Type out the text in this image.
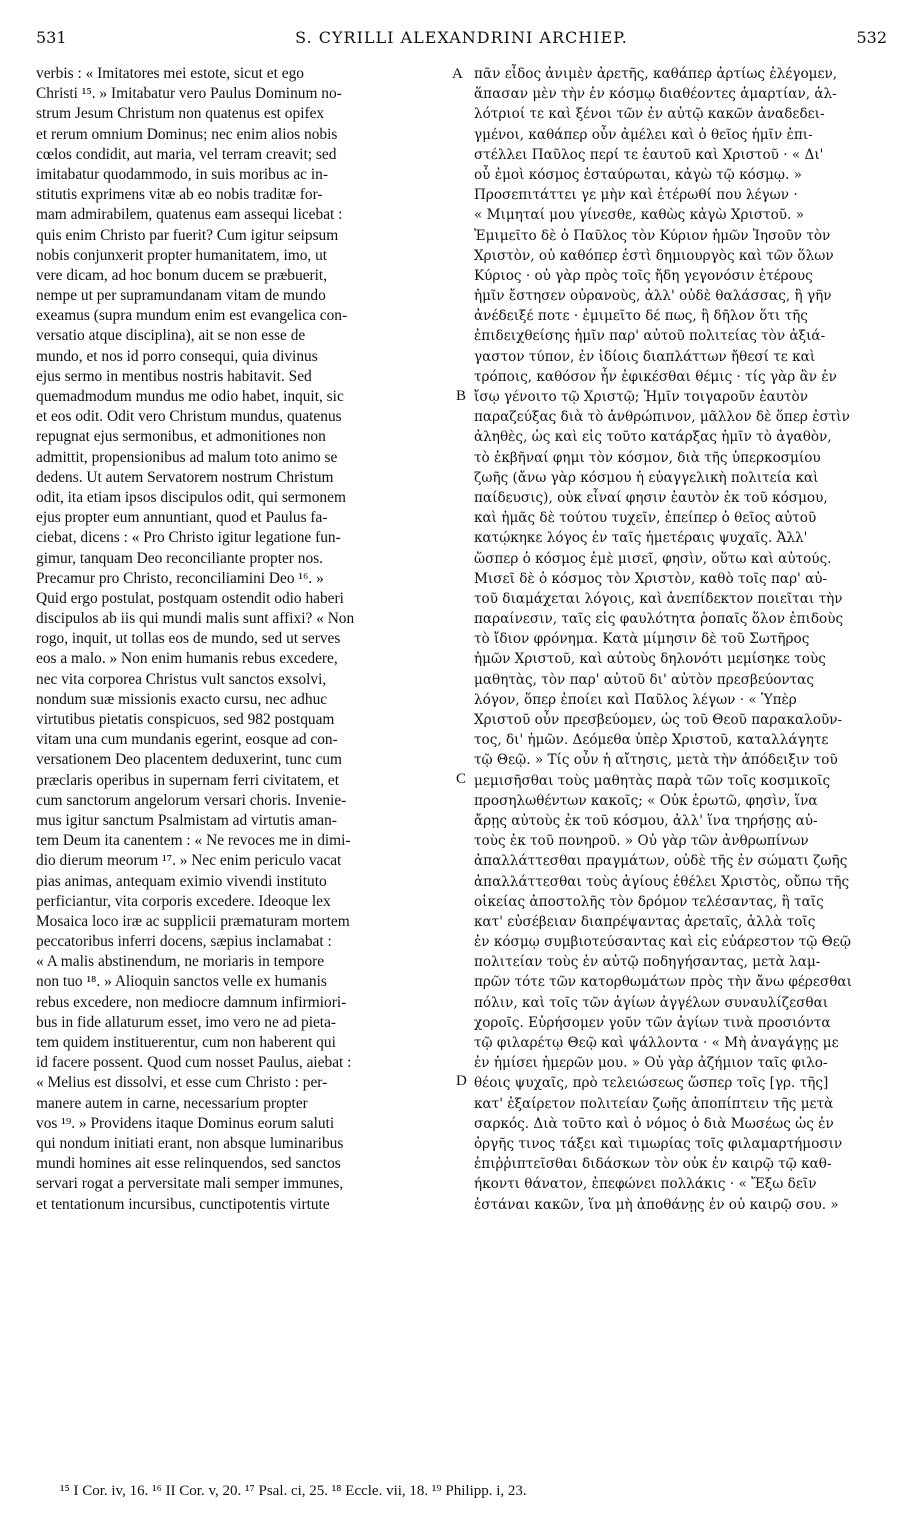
S. CYRILLI ALEXANDRINI ARCHIEP.
531	532
verbis : « Imitatores mei estote, sicut et ego
Christi ¹⁵. » Imitabatur vero Paulus Dominum no-
strum Jesum Christum non quatenus est opifex
et rerum omnium Dominus; nec enim alios nobis
cœlos condidit, aut maria, vel terram creavit; sed
imitabatur quodammodo, in suis moribus ac in-
stitutis exprimens vitæ ab eo nobis traditæ for-
mam admirabilem, quatenus eam assequi licebat :
quis enim Christo par fuerit? Cum igitur seipsum
nobis conjunxerit propter humanitatem, imo, ut
vere dicam, ad hoc bonum ducem se præbuerit,
nempe ut per supramundanam vitam de mundo
exeamus (supra mundum enim est evangelica con-
versatio atque disciplina), ait se non esse de
mundo, et nos id porro consequi, quia divinus
ejus sermo in mentibus nostris habitavit. Sed
quemadmodum mundus me odio habet, inquit, sic
et eos odit. Odit vero Christum mundus, quatenus
repugnat ejus sermonibus, et admonitiones non
admittit, propensionibus ad malum toto animo se
dedens. Ut autem Servatorem nostrum Christum
odit, ita etiam ipsos discipulos odit, qui sermonem
ejus propter eum annuntiant, quod et Paulus fa-
ciebat, dicens : « Pro Christo igitur legatione fun-
gimur, tanquam Deo reconciliante propter nos.
Precamur pro Christo, reconciliamini Deo ¹⁶. »
Quid ergo postulat, postquam ostendit odio haberi
discipulos ab iis qui mundi malis sunt affixi? « Non
rogo, inquit, ut tollas eos de mundo, sed ut serves
eos a malo. » Non enim humanis rebus excedere,
nec vita corporea Christus vult sanctos exsolvi,
nondum suæ missionis exacto cursu, nec adhuc
virtutibus pietatis conspicuos, sed 982 postquam
vitam una cum mundanis egerint, eosque ad con-
versationem Deo placentem deduxerint, tunc cum
præclaris operibus in supernam ferri civitatem, et
cum sanctorum angelorum versari choris. Invenie-
mus igitur sanctum Psalmistam ad virtutis aman-
tem Deum ita canentem : « Ne revoces me in dimi-
dio dierum meorum ¹⁷. » Nec enim periculo vacat
pias animas, antequam eximio vivendi instituto
perficiantur, vita corporis excedere. Ideoque lex
Mosaica loco iræ ac supplicii præmaturam mortem
peccatoribus inferri docens, sæpius inclamabat :
« A malis abstinendum, ne moriaris in tempore
non tuo ¹⁸. » Alioquin sanctos velle ex humanis
rebus excedere, non mediocre damnum infirmiori-
bus in fide allaturum esset, imo vero ne ad pieta-
tem quidem instituerentur, cum non haberent qui
id facere possent. Quod cum nosset Paulus, aiebat :
« Melius est dissolvi, et esse cum Christo : per-
manere autem in carne, necessarium propter
vos ¹⁹. » Providens itaque Dominus eorum saluti
qui nondum initiati erant, non absque luminaribus
mundi homines ait esse relinquendos, sed sanctos
servari rogat a perversitate mali semper immunes,
et tentationum incursibus, cunctipotentis virtute
πᾶν εἶδος ἀνιμὲν ἀρετῆς, καθάπερ ἀρτίως ἐλέγομεν,
ἅπασαν μὲν τὴν ἐν κόσμῳ διαθέοντες ἁμαρτίαν, ἀλ-
λότριοί τε καὶ ξένοι τῶν ἐν αὐτῷ κακῶν ἀναδεδει-
γμένοι, καθάπερ οὖν ἀμέλει καὶ ὁ θεῖος ἡμῖν ἐπι-
στέλλει Παῦλος περί τε ἑαυτοῦ καὶ Χριστοῦ · « Δι'
οὗ ἐμοὶ κόσμος ἐσταύρωται, κἀγὼ τῷ κόσμῳ. »
Προσεπιτάττει γε μὴν καὶ ἑτέρωθί που λέγων ·
« Μιμηταί μου γίνεσθε, καθὼς κἀγὼ Χριστοῦ. »
Ἐμιμεῖτο δὲ ὁ Παῦλος τὸν Κύριον ἡμῶν Ἰησοῦν τὸν
Χριστὸν, οὐ καθόπερ ἐστὶ δημιουργὸς καὶ τῶν ὅλων
Κύριος · οὐ γὰρ πρὸς τοῖς ἤδη γεγονόσιν ἑτέρους
ἡμῖν ἔστησεν οὐρανοὺς, ἀλλ' οὐδὲ θαλάσσας, ἢ γῆν
ἀνέδειξέ ποτε · ἐμιμεῖτο δέ πως, ἢ δῆλον ὅτι τῆς
ἐπιδειχθείσης ἡμῖν παρ' αὐτοῦ πολιτείας τὸν ἀξιά-
γαστον τύπον, ἐν ἰδίοις διαπλάττων ἤθεσί τε καὶ
τρόποις, καθόσον ἦν ἐφικέσθαι θέμις · τίς γὰρ ἂν ἐν
ἴσῳ γένοιτο τῷ Χριστῷ; Ἡμῖν τοιγαροῦν ἑαυτὸν
παραζεύξας διὰ τὸ ἀνθρώπινον, μᾶλλον δὲ ὅπερ ἐστὶν
ἀληθὲς, ὡς καὶ εἰς τοῦτο κατάρξας ἡμῖν τὸ ἀγαθὸν,
τὸ ἐκβῆναί φημι τὸν κόσμον, διὰ τῆς ὑπερκοσμίου
ζωῆς (ἄνω γὰρ κόσμου ἡ εὐαγγελικὴ πολιτεία καὶ
παίδευσις), οὐκ εἶναί φησιν ἑαυτὸν ἐκ τοῦ κόσμου,
καὶ ἡμᾶς δὲ τούτου τυχεῖν, ἐπείπερ ὁ θεῖος αὐτοῦ
κατῴκηκε λόγος ἐν ταῖς ἡμετέραις ψυχαῖς. Ἀλλ'
ὥσπερ ὁ κόσμος ἐμὲ μισεῖ, φησὶν, οὕτω καὶ αὐτούς.
Μισεῖ δὲ ὁ κόσμος τὸν Χριστὸν, καθὸ τοῖς παρ' αὐ-
τοῦ διαμάχεται λόγοις, καὶ ἀνεπίδεκτον ποιεῖται τὴν
παραίνεσιν, ταῖς εἰς φαυλότητα ῥοπαῖς ὅλον ἐπιδοὺς
τὸ ἴδιον φρόνημα. Κατὰ μίμησιν δὲ τοῦ Σωτῆρος
ἡμῶν Χριστοῦ, καὶ αὐτοὺς δηλονότι μεμίσηκε τοὺς
μαθητὰς, τὸν παρ' αὐτοῦ δι' αὐτὸν πρεσβεύοντας
λόγον, ὅπερ ἐποίει καὶ Παῦλος λέγων · « Ὑπὲρ
Χριστοῦ οὖν πρεσβεύομεν, ὡς τοῦ Θεοῦ παρακαλοῦν-
τος, δι' ἡμῶν. Δεόμεθα ὑπὲρ Χριστοῦ, καταλλάγητε
τῷ Θεῷ. » Τίς οὖν ἡ αἴτησις, μετὰ τὴν ἀπόδειξιν τοῦ
μεμισῆσθαι τοὺς μαθητὰς παρὰ τῶν τοῖς κοσμικοῖς
προσηλωθέντων κακοῖς; « Οὐκ ἐρωτῶ, φησὶν, ἵνα
ἄρῃς αὐτοὺς ἐκ τοῦ κόσμου, ἀλλ' ἵνα τηρήσῃς αὐ-
τοὺς ἐκ τοῦ πονηροῦ. » Οὐ γὰρ τῶν ἀνθρωπίνων
ἀπαλλάττεσθαι πραγμάτων, οὐδὲ τῆς ἐν σώματι ζωῆς
ἀπαλλάττεσθαι τοὺς ἁγίους ἐθέλει Χριστὸς, οὔπω τῆς
οἰκείας ἀποστολῆς τὸν δρόμον τελέσαντας, ἢ ταῖς
κατ' εὐσέβειαν διαπρέψαντας ἀρεταῖς, ἀλλὰ τοῖς
ἐν κόσμῳ συμβιοτεύσαντας καὶ εἰς εὐάρεστον τῷ Θεῷ
πολιτείαν τοὺς ἐν αὐτῷ ποδηγήσαντας, μετὰ λαμ-
πρῶν τότε τῶν κατορθωμάτων πρὸς τὴν ἄνω φέρεσθαι
πόλιν, καὶ τοῖς τῶν ἁγίων ἀγγέλων συναυλίζεσθαι
χοροῖς. Εὑρήσομεν γοῦν τῶν ἁγίων τινὰ προσιόντα
τῷ φιλαρέτῳ Θεῷ καὶ ψάλλοντα · « Μὴ ἀναγάγῃς με
ἐν ἡμίσει ἡμερῶν μου. » Οὐ γὰρ ἀζήμιον ταῖς φιλο-
θέοις ψυχαῖς, πρὸ τελειώσεως ὥσπερ τοῖς [γρ. τῆς]
κατ' ἐξαίρετον πολιτείαν ζωῆς ἀποπίπτειν τῆς μετὰ
σαρκός. Διὰ τοῦτο καὶ ὁ νόμος ὁ διὰ Μωσέως ὡς ἐν
ὀργῆς τινος τάξει καὶ τιμωρίας τοῖς φιλαμαρτήμοσιν
ἐπιῤῥιπτεῖσθαι διδάσκων τὸν οὐκ ἐν καιρῷ τῷ καθ-
ήκοντι θάνατον, ἐπεφώνει πολλάκις · « Ἔξω δεῖν
ἑστάναι κακῶν, ἵνα μὴ ἀποθάνῃς ἐν οὐ καιρῷ σου. »
A
B
C
D
¹⁵ I Cor. iv, 16. ¹⁶ II Cor. v, 20. ¹⁷ Psal. ci, 25. ¹⁸ Eccle. vii, 18. ¹⁹ Philipp. i, 23.
